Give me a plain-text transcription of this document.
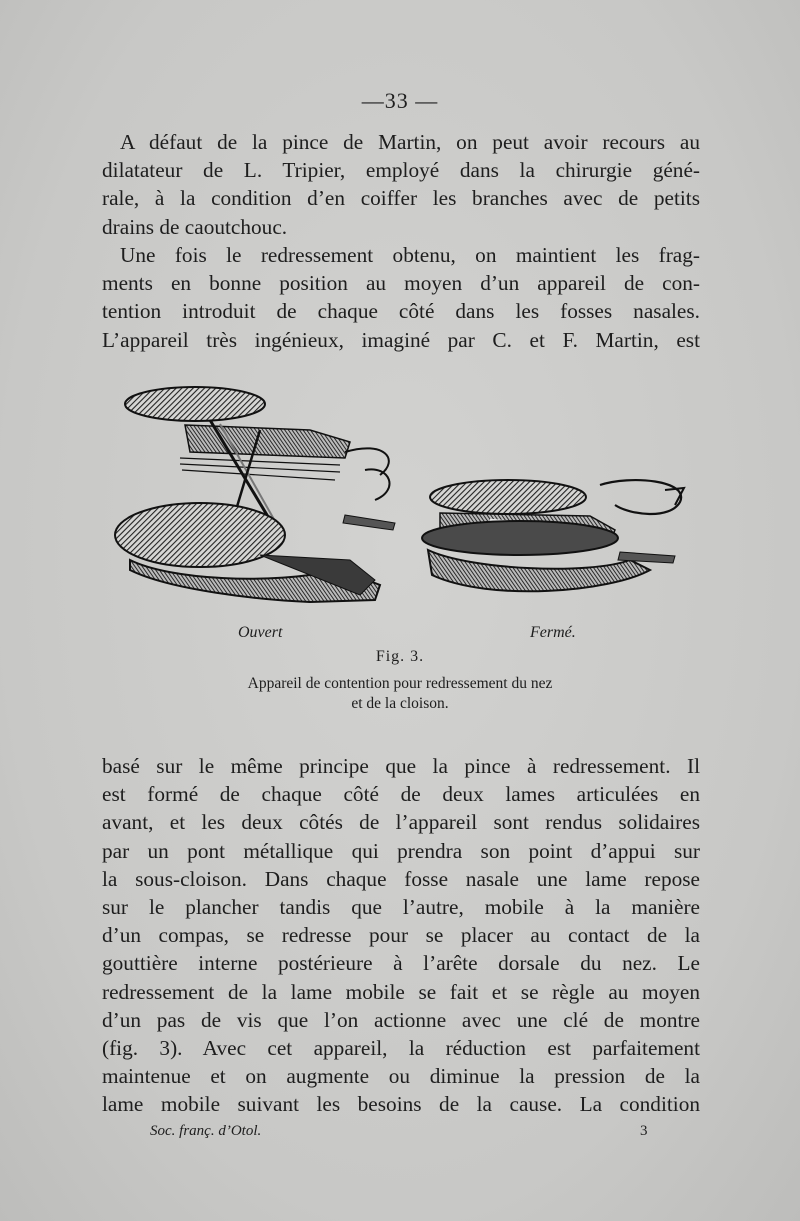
—33 —

A défaut de la pince de Martin, on peut avoir recours au
dilatateur de L. Tripier, employé dans la chirurgie géné-
rale, à la condition d’en coiffer les branches avec de petits
drains de caoutchouc.

Une fois le redressement obtenu, on maintient les frag-
ments en bonne position au moyen d’un appareil de con-
tention introduit de chaque côté dans les fosses nasales.
L’appareil très ingénieux, imaginé par C. et F. Martin, est

Ouvert	Fermé.
Fig. 3.
Appareil de contention pour redressement du nez
et de la cloison.

basé sur le même principe que la pince à redressement. Il
est formé de chaque côté de deux lames articulées en
avant, et les deux côtés de l’appareil sont rendus solidaires
par un pont métallique qui prendra son point d’appui sur
la sous-cloison. Dans chaque fosse nasale une lame repose
sur le plancher tandis que l’autre, mobile à la manière
d’un compas, se redresse pour se placer au contact de la
gouttière interne postérieure à l’arête dorsale du nez. Le
redressement de la lame mobile se fait et se règle au moyen
d’un pas de vis que l’on actionne avec une clé de montre
(fig. 3). Avec cet appareil, la réduction est parfaitement
maintenue et on augmente ou diminue la pression de la
lame mobile suivant les besoins de la cause. La condition

Soc. franç. d’Otol.	3
